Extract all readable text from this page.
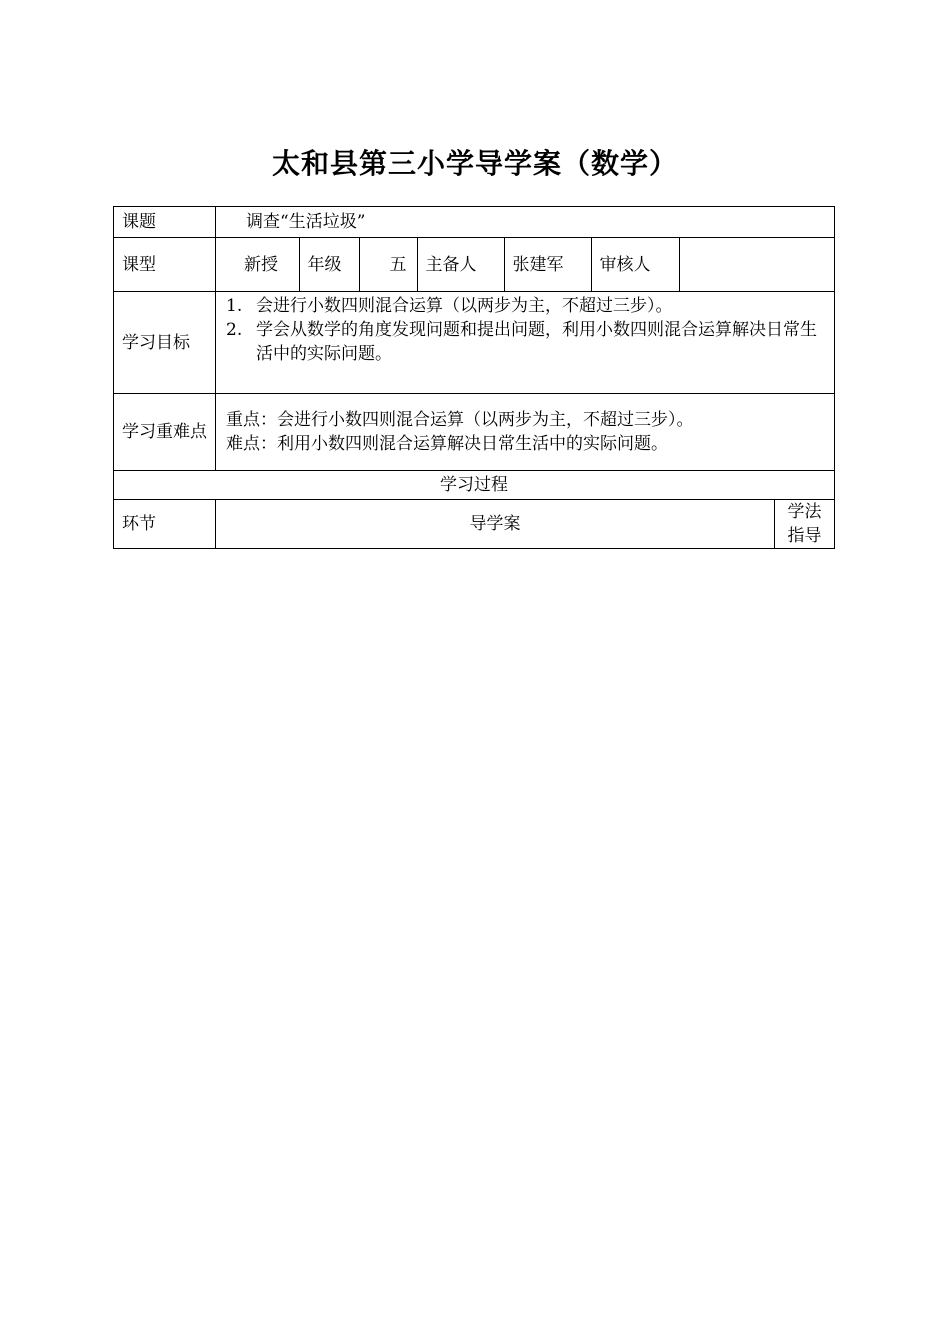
太和县第三小学导学案（数学）
课题	调查“生活垃圾”
课型		新授	年级	五	主备人	张建军	审核人	

学习目标	
1. 会进行小数四则混合运算（以两步为主，不超过三步）。
2. 学会从数学的角度发现问题和提出问题，利用小数四则混合运算解决日常生活中的实际问题。

学习重难点	
重点：会进行小数四则混合运算（以两步为主，不超过三步）。
难点：利用小数四则混合运算解决日常生活中的实际问题。

学习过程
环节	导学案	学法指导
